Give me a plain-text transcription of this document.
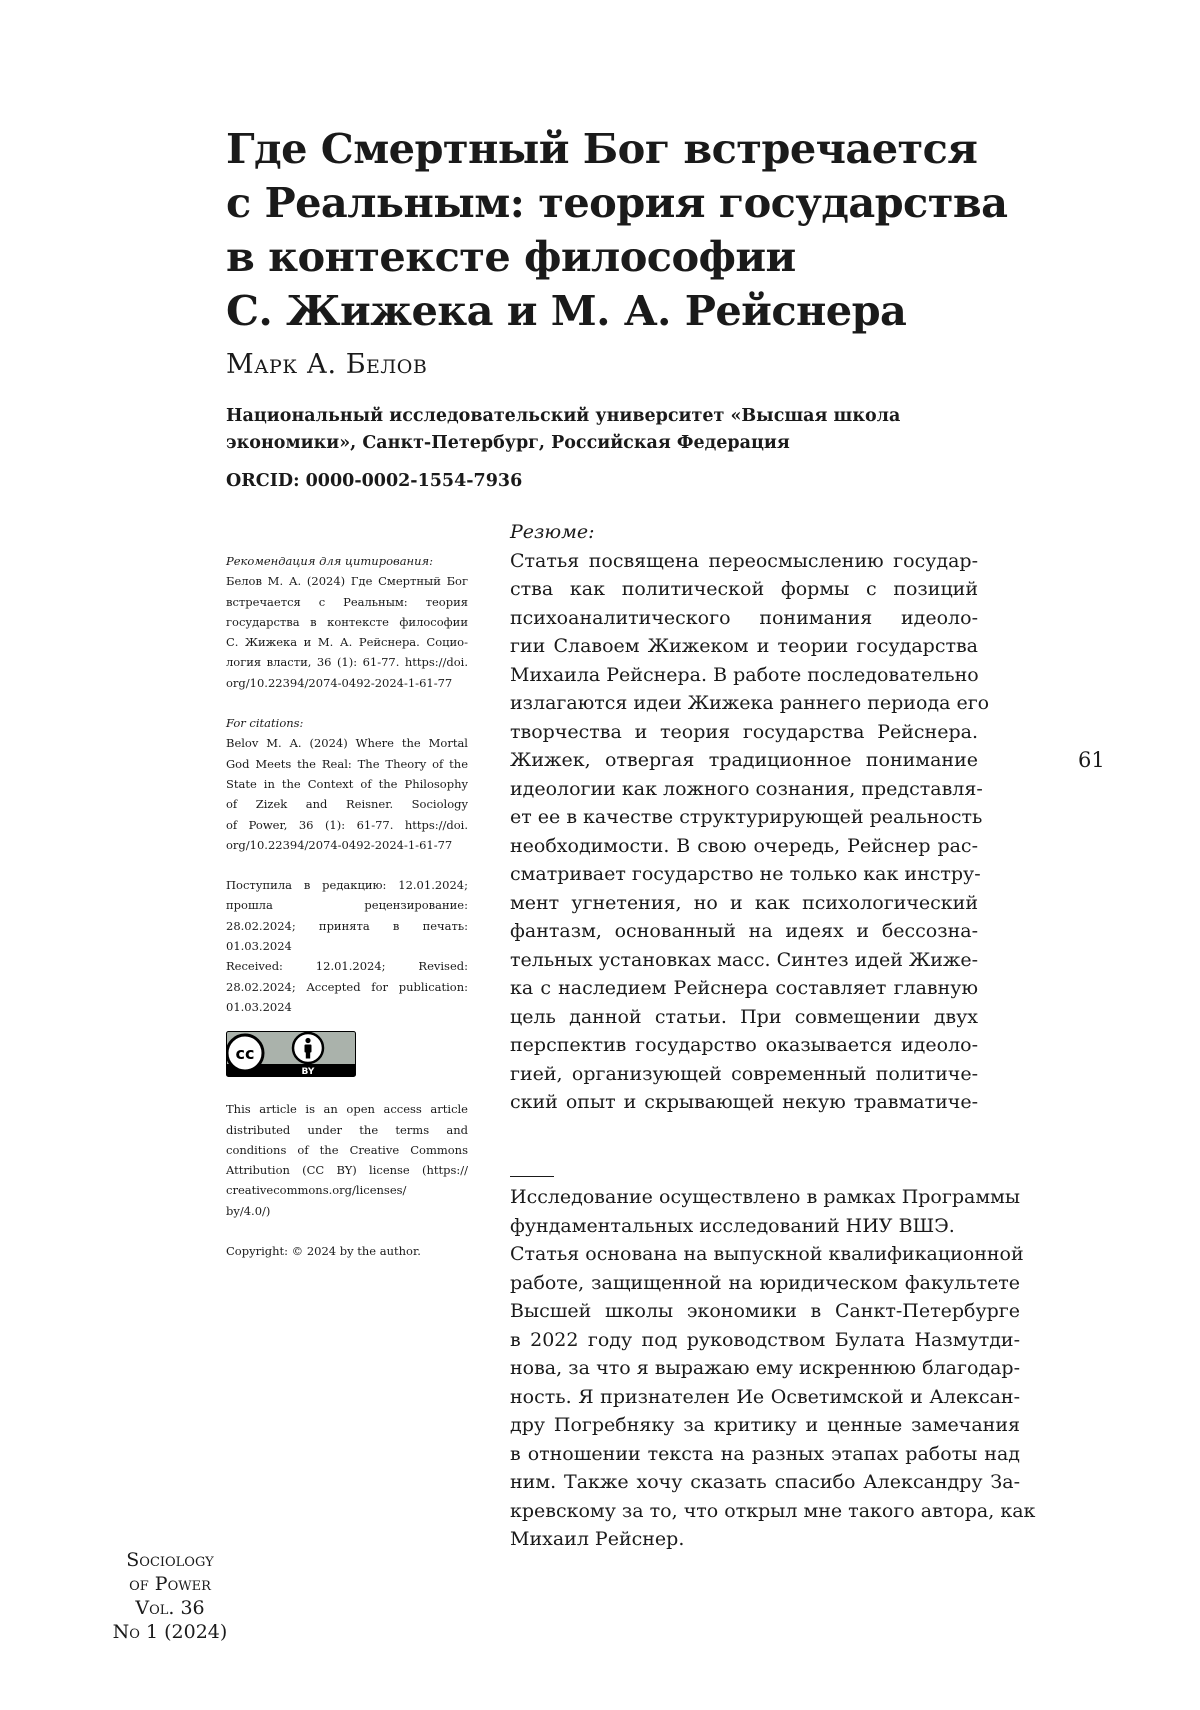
Где Смертный Бог встречается
с Реальным: теория государства
в контексте философии
С. Жижека и М. А. Рейснера
Марк А. Белов
Национальный исследовательский университет «Высшая школа
экономики», Санкт-Петербург, Российская Федерация
ORCID: 0000-0002-1554-7936
Рекомендация для цитирования:
Белов М. А. (2024) Где Смертный Бог
встречается с Реальным: теория
государства в контексте философии
С. Жижека и М. А. Рейснера. Социо-
логия власти, 36 (1): 61-77. https://doi.
org/10.22394/2074-0492-2024-1-61-77
For citations:
Belov M. A. (2024) Where the Mortal
God Meets the Real: The Theory of the
State in the Context of the Philosophy
of Zizek and Reisner. Sociology
of Power, 36 (1): 61-77. https://doi.
org/10.22394/2074-0492-2024-1-61-77
Поступила в редакцию: 12.01.2024;
прошла рецензирование:
28.02.2024; принята в печать:
01.03.2024
Received: 12.01.2024; Revised:
28.02.2024; Accepted for publication:
01.03.2024
cc
BY
This article is an open access article
distributed under the terms and
conditions of the Creative Commons
Attribution (CC BY) license (https://
creativecommons.org/licenses/
by/4.0/)
Copyright: © 2024 by the author.
Резюме:
Статья посвящена переосмыслению государ-
ства как политической формы с позиций
психоаналитического понимания идеоло-
гии Славоем Жижеком и теории государства
Михаила Рейснера. В работе последовательно
излагаются идеи Жижека раннего периода его
творчества и теория государства Рейснера.
Жижек, отвергая традиционное понимание
идеологии как ложного сознания, представля-
ет ее в качестве структурирующей реальность
необходимости. В свою очередь, Рейснер рас-
сматривает государство не только как инстру-
мент угнетения, но и как психологический
фантазм, основанный на идеях и бессозна-
тельных установках масс. Синтез идей Жиже-
ка с наследием Рейснера составляет главную
цель данной статьи. При совмещении двух
перспектив государство оказывается идеоло-
гией, организующей современный политиче-
ский опыт и скрывающей некую травматиче-
Исследование осуществлено в рамках Программы
фундаментальных исследований НИУ ВШЭ.
Статья основана на выпускной квалификационной
работе, защищенной на юридическом факультете
Высшей школы экономики в Санкт-Петербурге
в 2022 году под руководством Булата Назмутди-
нова, за что я выражаю ему искреннюю благодар-
ность. Я признателен Ие Осветимской и Алексан-
дру Погребняку за критику и ценные замечания
в отношении текста на разных этапах работы над
ним. Также хочу сказать спасибо Александру За-
кревскому за то, что открыл мне такого автора, как
Михаил Рейснер.
61
Sociology
of Power
Vol. 36
No 1 (2024)
